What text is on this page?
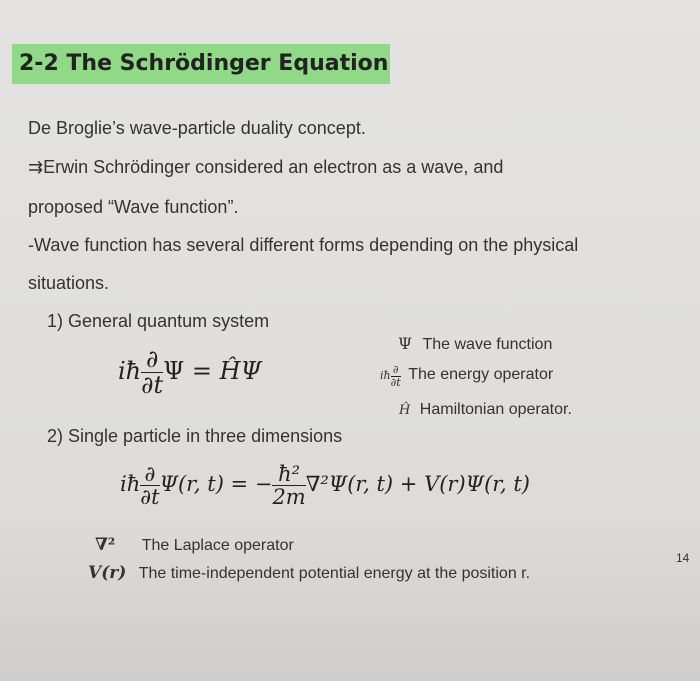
2-2 The Schrödinger Equation
De Broglie’s wave-particle duality concept.
⇉Erwin Schrödinger considered an electron as a wave, and
proposed “Wave function”.
-Wave function has several different forms depending on the physical
situations.
1) General quantum system
iħ $\frac{\partial}{\partial t}$ Ψ = ĤΨ
Ψ The wave function
iħ $\frac{\partial}{\partial t}$ The energy operator
Ĥ Hamiltonian operator.
2) Single particle in three dimensions
iħ $\frac{\partial}{\partial t} \Psi(r$, t) = − $\frac{\text{ħ²}}{2m} \nabla^2\Psi(r$, t) + V(r)Ψ(r, t)
∇² The Laplace operator
V(r) The time-independent potential energy at the position r.
14
